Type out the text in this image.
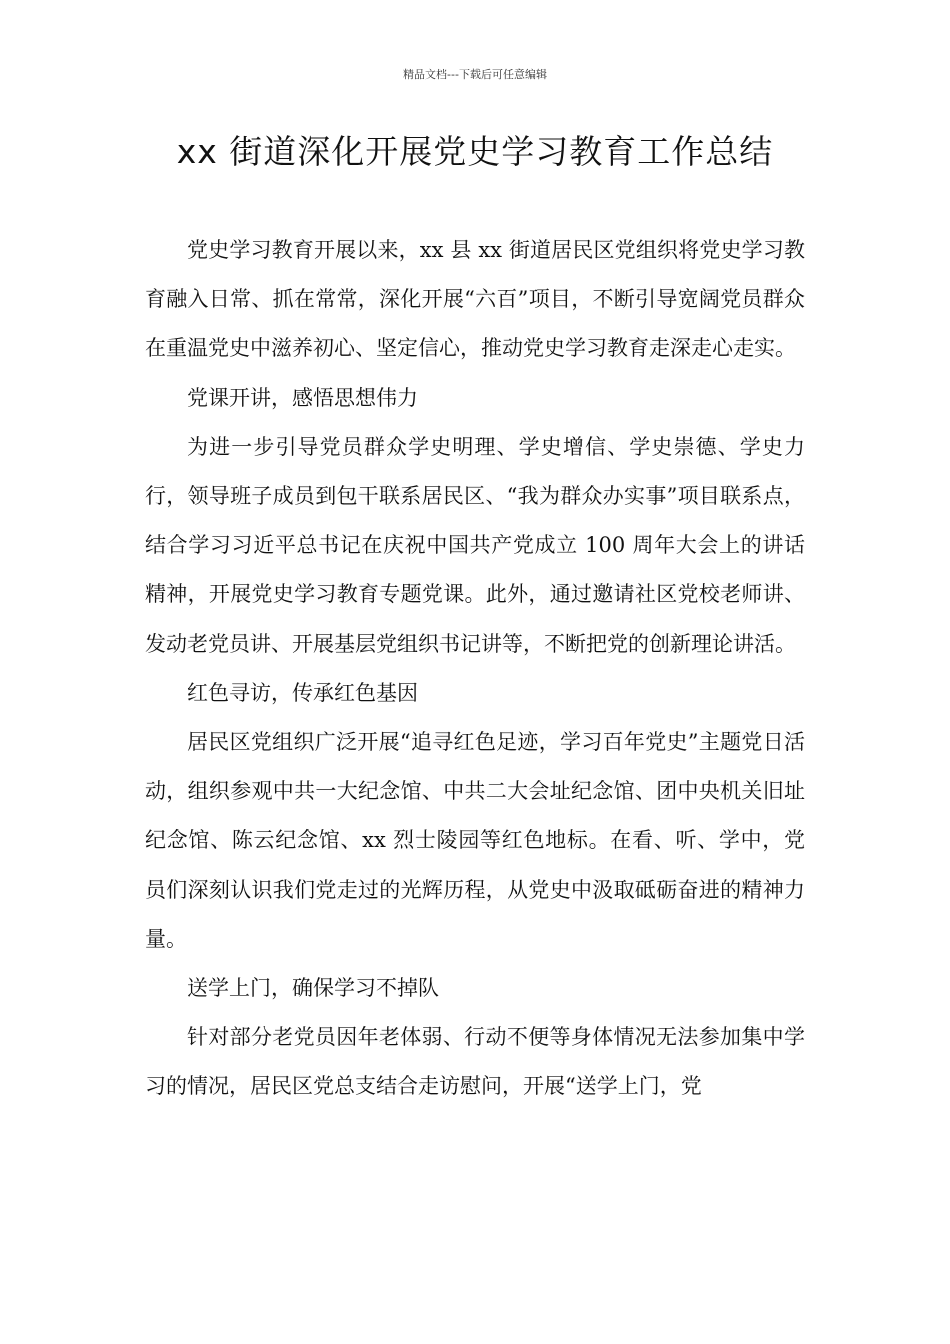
精品文档---下载后可任意编辑
xx 街道深化开展党史学习教育工作总结

党史学习教育开展以来，xx 县 xx 街道居民区党组织将党史学习教育融入日常、抓在常常，深化开展“六百”项目，不断引导宽阔党员群众在重温党史中滋养初心、坚定信心，推动党史学习教育走深走心走实。

党课开讲，感悟思想伟力

为进一步引导党员群众学史明理、学史增信、学史崇德、学史力行，领导班子成员到包干联系居民区、“我为群众办实事”项目联系点，结合学习习近平总书记在庆祝中国共产党成立 100 周年大会上的讲话精神，开展党史学习教育专题党课。此外，通过邀请社区党校老师讲、发动老党员讲、开展基层党组织书记讲等，不断把党的创新理论讲活。

红色寻访，传承红色基因

居民区党组织广泛开展“追寻红色足迹，学习百年党史”主题党日活动，组织参观中共一大纪念馆、中共二大会址纪念馆、团中央机关旧址纪念馆、陈云纪念馆、xx 烈士陵园等红色地标。在看、听、学中，党员们深刻认识我们党走过的光辉历程，从党史中汲取砥砺奋进的精神力量。

送学上门，确保学习不掉队

针对部分老党员因年老体弱、行动不便等身体情况无法参加集中学习的情况，居民区党总支结合走访慰问，开展“送学上门，党
